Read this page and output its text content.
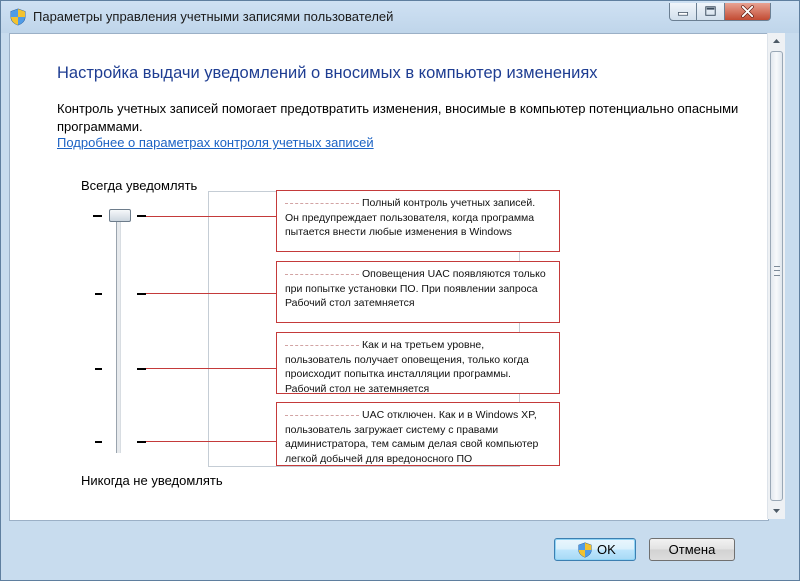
Параметры управления учетными записями пользователей
Настройка выдачи уведомлений о вносимых в компьютер изменениях
Контроль учетных записей помогает предотвратить изменения, вносимые в компьютер потенциально опасными программами.
Подробнее о параметрах контроля учетных записей
Всегда уведомлять
Никогда не уведомлять
Полный контроль учетных записей. Он предупреждает пользователя, когда программа пытается внести любые изменения в Windows
Оповещения UAC появляются только при попытке установки ПО. При появлении запроса Рабочий стол затемняется
Как и на третьем уровне, пользователь получает оповещения, только когда происходит попытка инсталляции программы. Рабочий стол не затемняется
UAC отключен. Как и в Windows XP, пользователь загружает систему с правами администратора, тем самым делая свой компьютер легкой добычей для вредоносного ПО
OK	Отмена
